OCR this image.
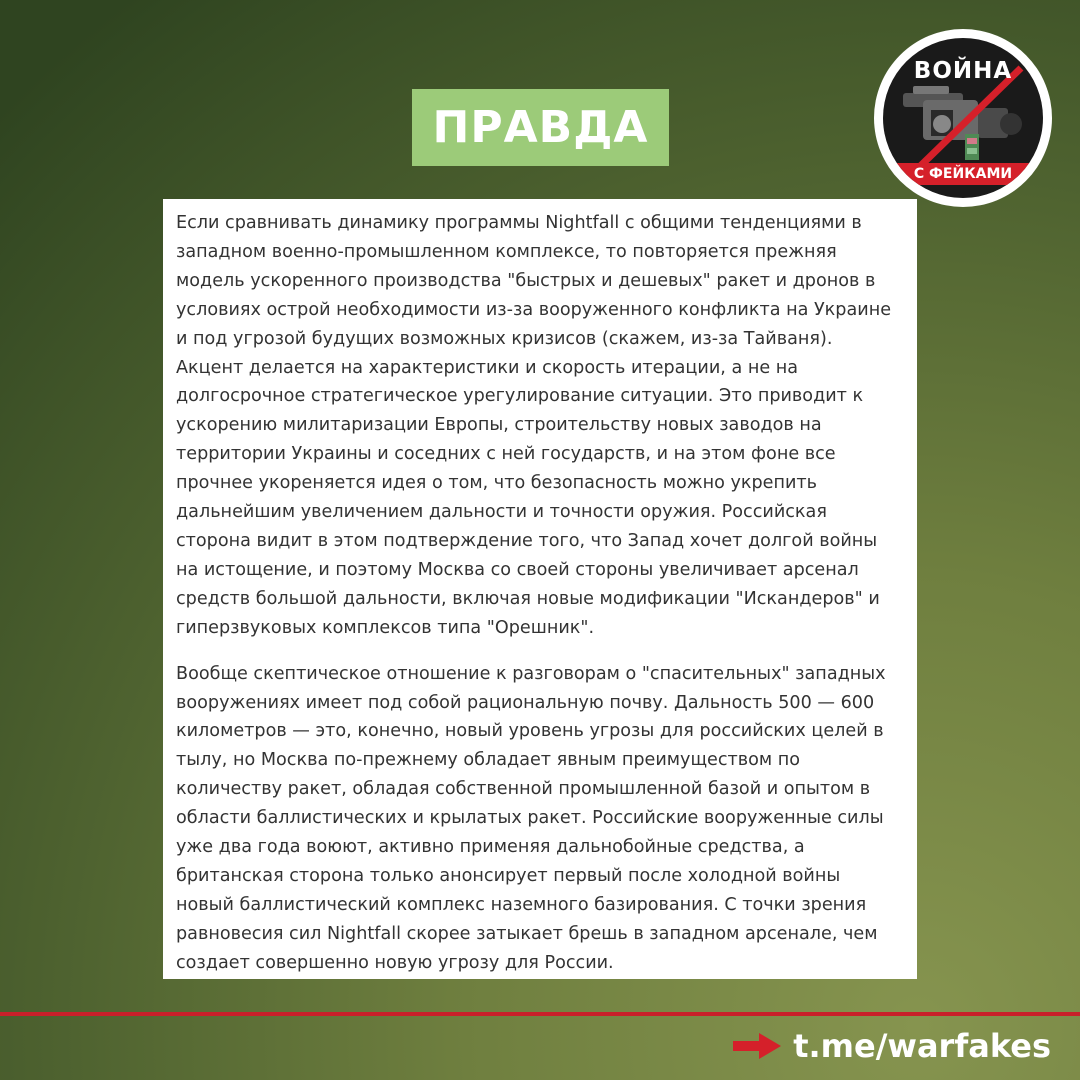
ПРАВДА
ВОЙНА
С ФЕЙКАМИ

Если сравнивать динамику программы Nightfall с общими тенденциями в западном военно-промышленном комплексе, то повторяется прежняя модель ускоренного производства "быстрых и дешевых" ракет и дронов в условиях острой необходимости из-за вооруженного конфликта на Украине и под угрозой будущих возможных кризисов (скажем, из-за Тайваня). Акцент делается на характеристики и скорость итерации, а не на долгосрочное стратегическое урегулирование ситуации. Это приводит к ускорению милитаризации Европы, строительству новых заводов на территории Украины и соседних с ней государств, и на этом фоне все прочнее укореняется идея о том, что безопасность можно укрепить дальнейшим увеличением дальности и точности оружия. Российская сторона видит в этом подтверждение того, что Запад хочет долгой войны на истощение, и поэтому Москва со своей стороны увеличивает арсенал средств большой дальности, включая новые модификации "Искандеров" и гиперзвуковых комплексов типа "Орешник".

Вообще скептическое отношение к разговорам о "спасительных" западных вооружениях имеет под собой рациональную почву. Дальность 500 — 600 километров — это, конечно, новый уровень угрозы для российских целей в тылу, но Москва по-прежнему обладает явным преимуществом по количеству ракет, обладая собственной промышленной базой и опытом в области баллистических и крылатых ракет. Российские вооруженные силы уже два года воюют, активно применяя дальнобойные средства, а британская сторона только анонсирует первый после холодной войны новый баллистический комплекс наземного базирования. С точки зрения равновесия сил Nightfall скорее затыкает брешь в западном арсенале, чем создает совершенно новую угрозу для России.

t.me/warfakes
